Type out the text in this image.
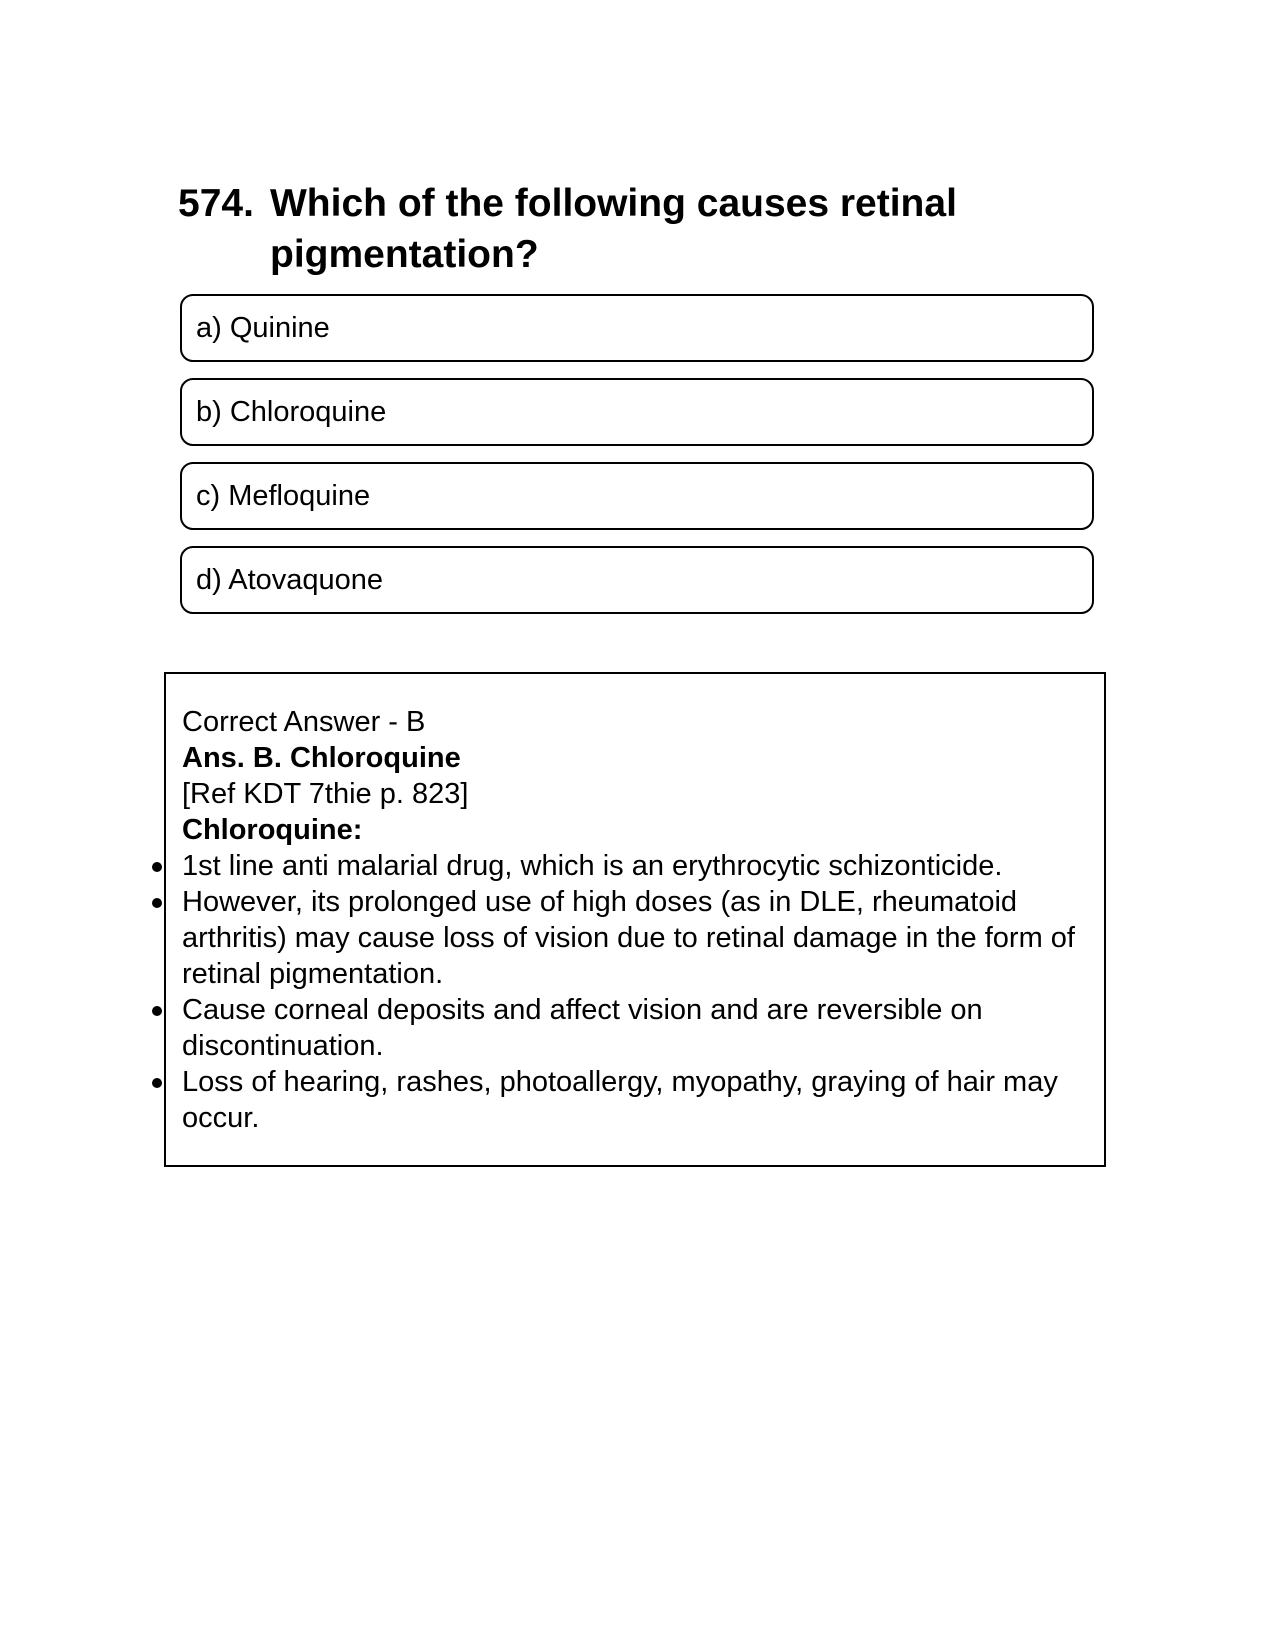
574. Which of the following causes retinal pigmentation?
a) Quinine
b) Chloroquine
c) Mefloquine
d) Atovaquone

Correct Answer - B

Ans. B. Chloroquine

[Ref KDT 7thie p. 823]

Chloroquine:

1st line anti malarial drug, which is an erythrocytic schizonticide.
However, its prolonged use of high doses (as in DLE, rheumatoid arthritis) may cause loss of vision due to retinal damage in the form of retinal pigmentation.
Cause corneal deposits and affect vision and are reversible on discontinuation.
Loss of hearing, rashes, photoallergy, myopathy, graying of hair may occur.
